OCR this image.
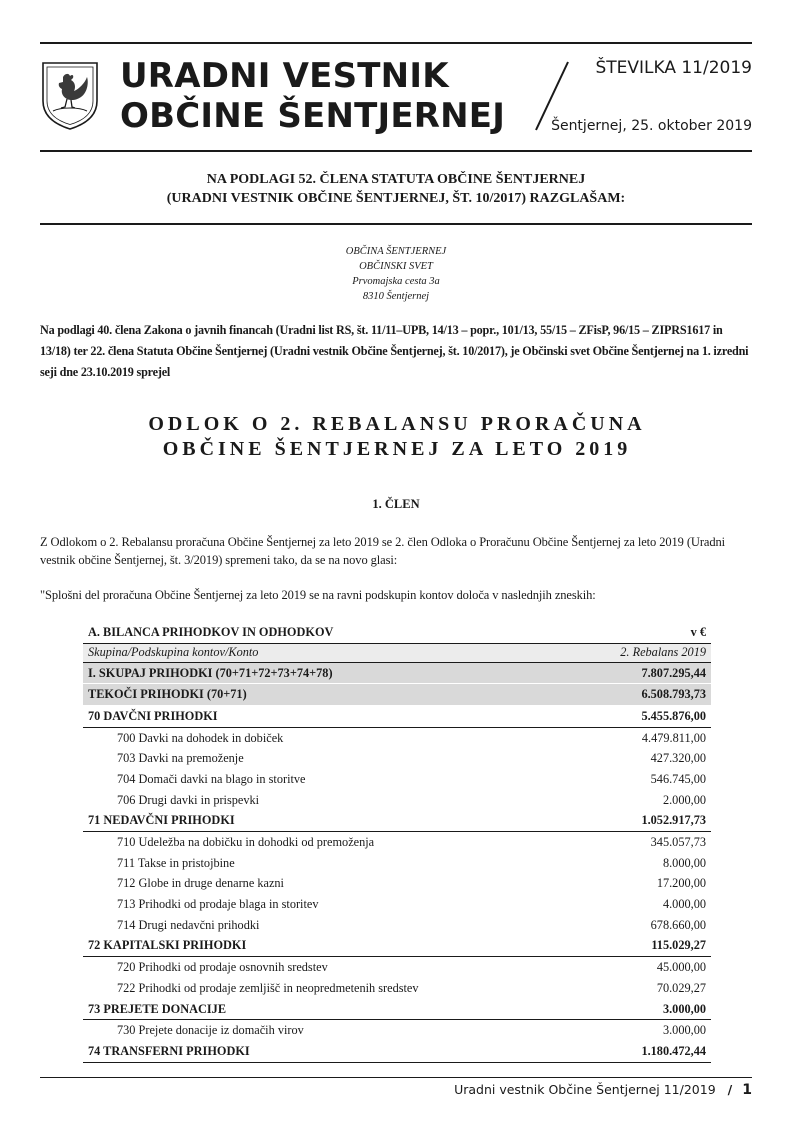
URADNI VESTNIK
OBČINE ŠENTJERNEJ
ŠTEVILKA 11/2019
Šentjernej, 25. oktober 2019
NA PODLAGI 52. ČLENA STATUTA OBČINE ŠENTJERNEJ
(URADNI VESTNIK OBČINE ŠENTJERNEJ, ŠT. 10/2017) RAZGLAŠAM:
OBČINA ŠENTJERNEJ
OBČINSKI SVET
Prvomajska cesta 3a
8310 Šentjernej
Na podlagi 40. člena Zakona o javnih financah (Uradni list RS, št. 11/11–UPB, 14/13 – popr., 101/13, 55/15 – ZFisP, 96/15 – ZIPRS1617 in 13/18) ter 22. člena Statuta Občine Šentjernej (Uradni vestnik Občine Šentjernej, št. 10/2017), je Občinski svet Občine Šentjernej na 1. izredni seji dne 23.10.2019 sprejel
ODLOK O 2. REBALANSU PRORAČUNA
OBČINE ŠENTJERNEJ ZA LETO 2019
1. ČLEN
Z Odlokom o 2. Rebalansu proračuna Občine Šentjernej za leto 2019 se 2. člen Odloka o Proračunu Občine Šentjernej za leto 2019 (Uradni vestnik občine Šentjernej, št. 3/2019) spremeni tako, da se na novo glasi:
"Splošni del proračuna Občine Šentjernej za leto 2019 se na ravni podskupin kontov določa v naslednjih zneskih:
A. BILANCA PRIHODKOV IN ODHODKOV	v €
Skupina/Podskupina kontov/Konto	2. Rebalans 2019
I. SKUPAJ PRIHODKI (70+71+72+73+74+78)	7.807.295,44
TEKOČI PRIHODKI (70+71)	6.508.793,73
70 DAVČNI PRIHODKI	5.455.876,00
700 Davki na dohodek in dobiček	4.479.811,00
703 Davki na premoženje	427.320,00
704 Domači davki na blago in storitve	546.745,00
706 Drugi davki in prispevki	2.000,00
71 NEDAVČNI PRIHODKI	1.052.917,73
710 Udeležba na dobičku in dohodki od premoženja	345.057,73
711 Takse in pristojbine	8.000,00
712 Globe in druge denarne kazni	17.200,00
713 Prihodki od prodaje blaga in storitev	4.000,00
714 Drugi nedavčni prihodki	678.660,00
72 KAPITALSKI PRIHODKI	115.029,27
720 Prihodki od prodaje osnovnih sredstev	45.000,00
722 Prihodki od prodaje zemljišč in neopredmetenih sredstev	70.029,27
73 PREJETE DONACIJE	3.000,00
730 Prejete donacije iz domačih virov	3.000,00
74 TRANSFERNI PRIHODKI	1.180.472,44
Uradni vestnik Občine Šentjernej 11/2019 / 1
